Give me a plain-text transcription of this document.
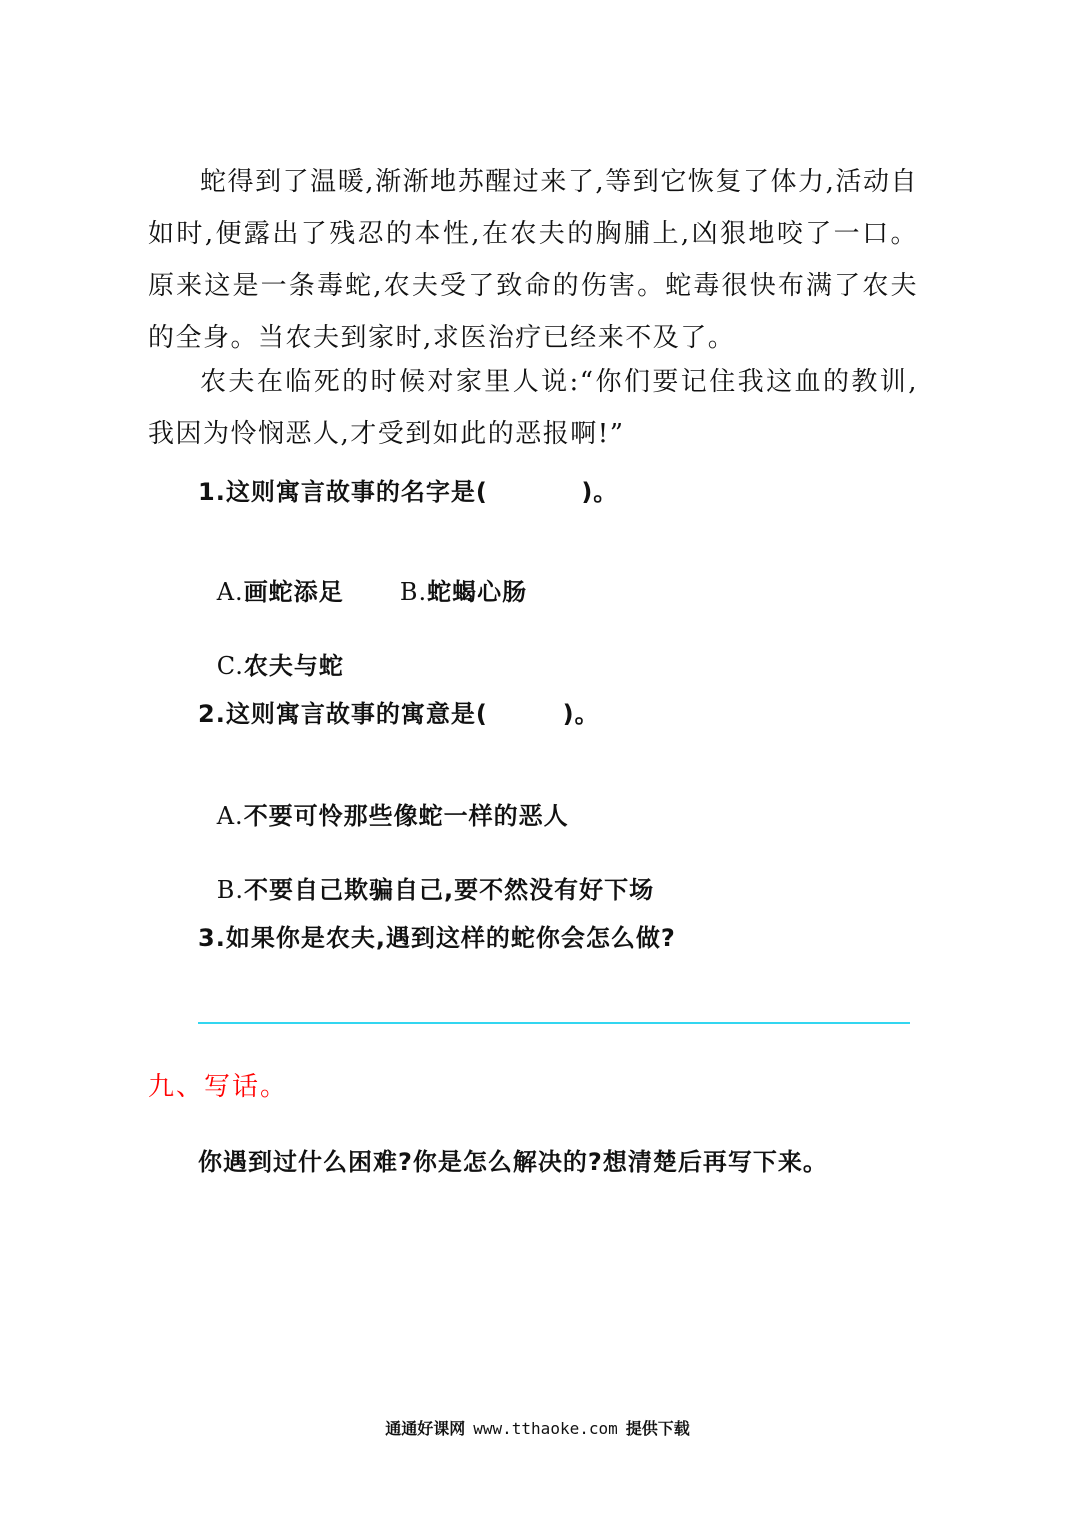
蛇得到了温暖,渐渐地苏醒过来了,等到它恢复了体力,活动自如时,便露出了残忍的本性,在农夫的胸脯上,凶狠地咬了一口。原来这是一条毒蛇,农夫受了致命的伤害。蛇毒很快布满了农夫的全身。当农夫到家时,求医治疗已经来不及了。

农夫在临死的时候对家里人说:“你们要记住我这血的教训,我因为怜悯恶人,才受到如此的恶报啊!”

1.这则寓言故事的名字是(          )。

A.画蛇添足 B.蛇蝎心肠

C.农夫与蛇

2.这则寓言故事的寓意是(        )。

A.不要可怜那些像蛇一样的恶人

B.不要自己欺骗自己,要不然没有好下场

3.如果你是农夫,遇到这样的蛇你会怎么做?

九、写话。

你遇到过什么困难?你是怎么解决的?想清楚后再写下来。

通通好课网 www.tthaoke.com 提供下载
